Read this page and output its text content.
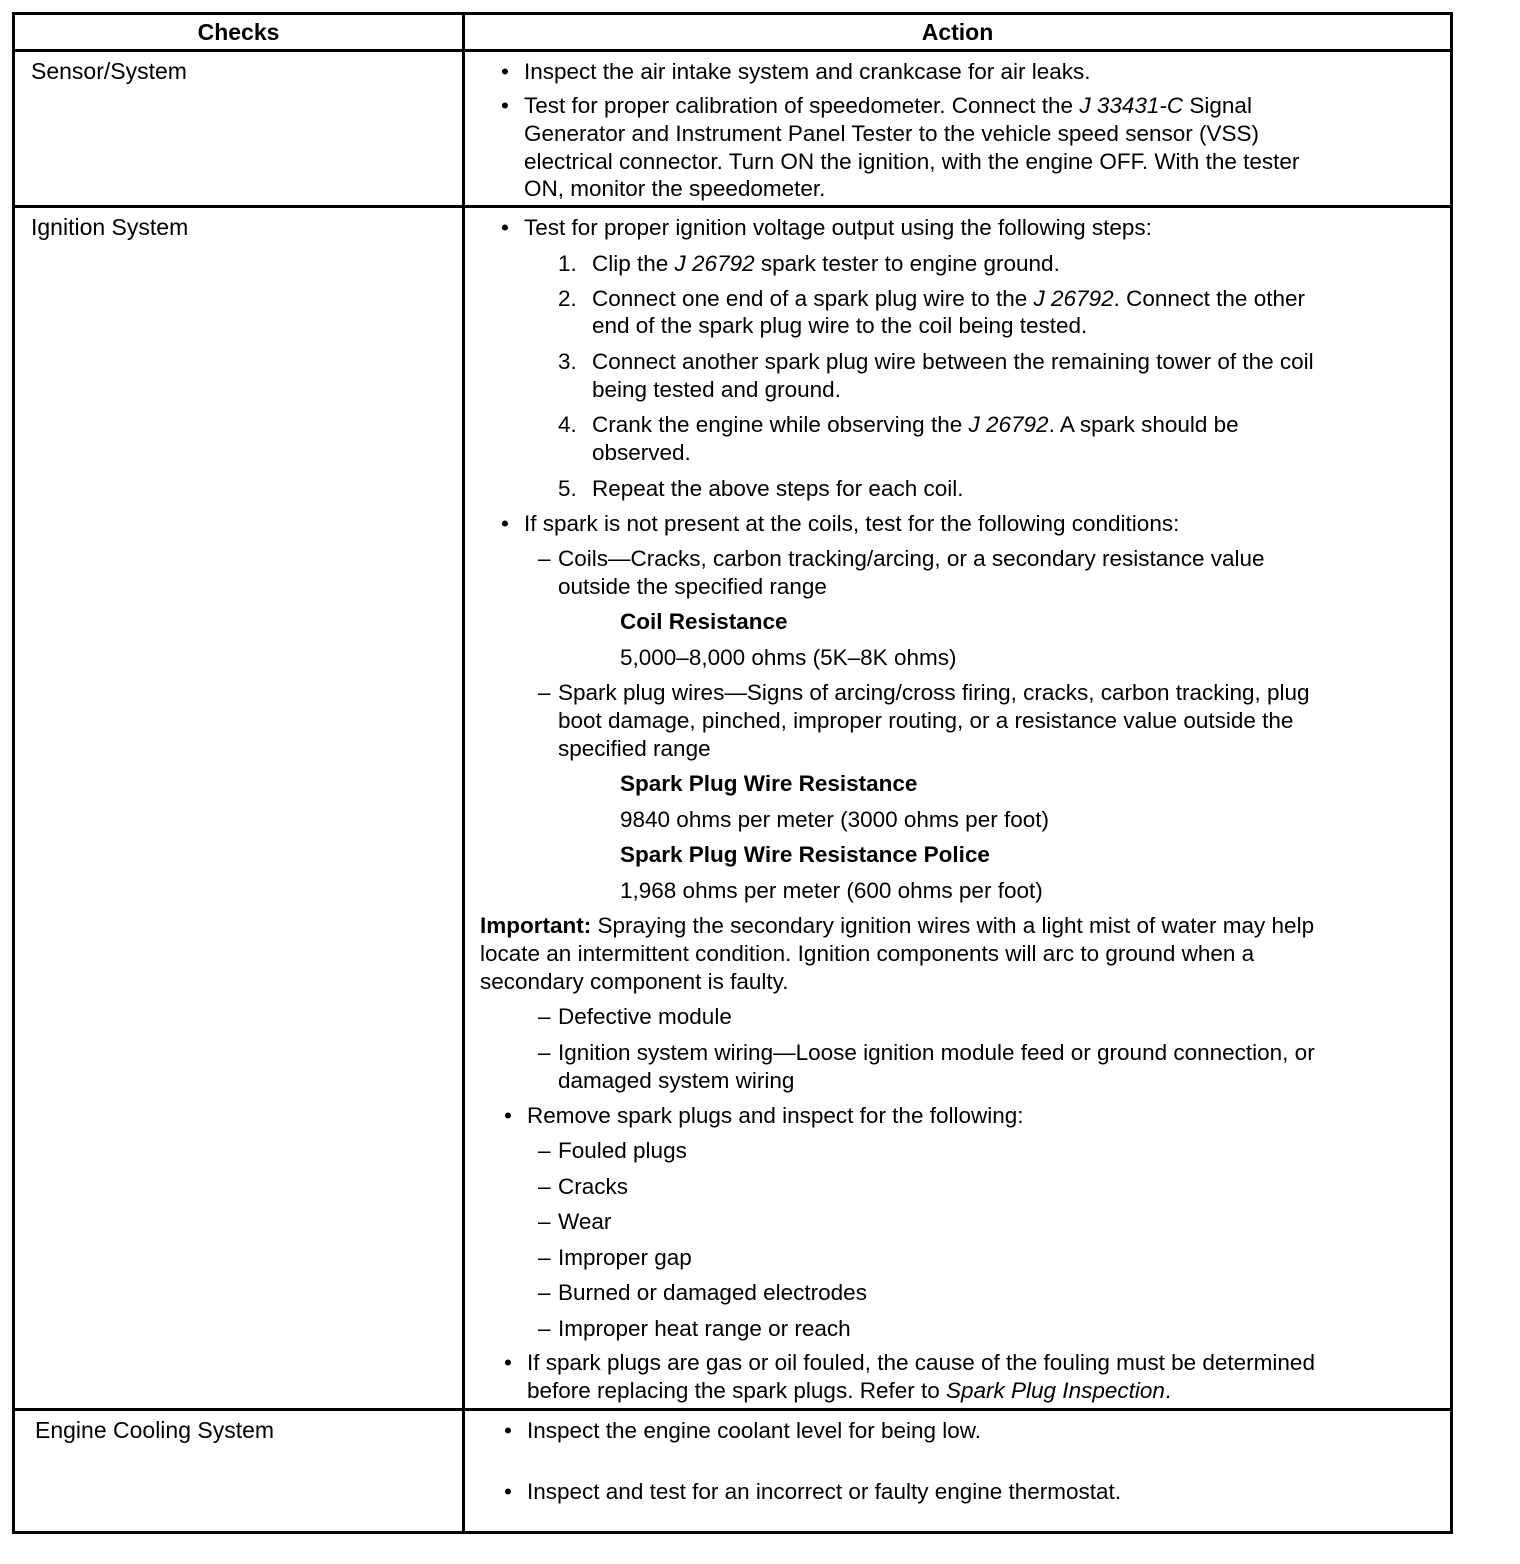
Checks	Action
Sensor/System	• Inspect the air intake system and crankcase for air leaks.
• Test for proper calibration of speedometer. Connect the J 33431-C Signal
Generator and Instrument Panel Tester to the vehicle speed sensor (VSS)
electrical connector. Turn ON the ignition, with the engine OFF. With the tester
ON, monitor the speedometer.
Ignition System	• Test for proper ignition voltage output using the following steps:
1. Clip the J 26792 spark tester to engine ground.
2. Connect one end of a spark plug wire to the J 26792. Connect the other
end of the spark plug wire to the coil being tested.
3. Connect another spark plug wire between the remaining tower of the coil
being tested and ground.
4. Crank the engine while observing the J 26792. A spark should be
observed.
5. Repeat the above steps for each coil.
• If spark is not present at the coils, test for the following conditions:
– Coils—Cracks, carbon tracking/arcing, or a secondary resistance value
outside the specified range
Coil Resistance
5,000–8,000 ohms (5K–8K ohms)
– Spark plug wires—Signs of arcing/cross firing, cracks, carbon tracking, plug
boot damage, pinched, improper routing, or a resistance value outside the
specified range
Spark Plug Wire Resistance
9840 ohms per meter (3000 ohms per foot)
Spark Plug Wire Resistance Police
1,968 ohms per meter (600 ohms per foot)
Important: Spraying the secondary ignition wires with a light mist of water may help
locate an intermittent condition. Ignition components will arc to ground when a
secondary component is faulty.
– Defective module
– Ignition system wiring—Loose ignition module feed or ground connection, or
damaged system wiring
• Remove spark plugs and inspect for the following:
– Fouled plugs
– Cracks
– Wear
– Improper gap
– Burned or damaged electrodes
– Improper heat range or reach
• If spark plugs are gas or oil fouled, the cause of the fouling must be determined
before replacing the spark plugs. Refer to Spark Plug Inspection.
Engine Cooling System	• Inspect the engine coolant level for being low.
• Inspect and test for an incorrect or faulty engine thermostat.
